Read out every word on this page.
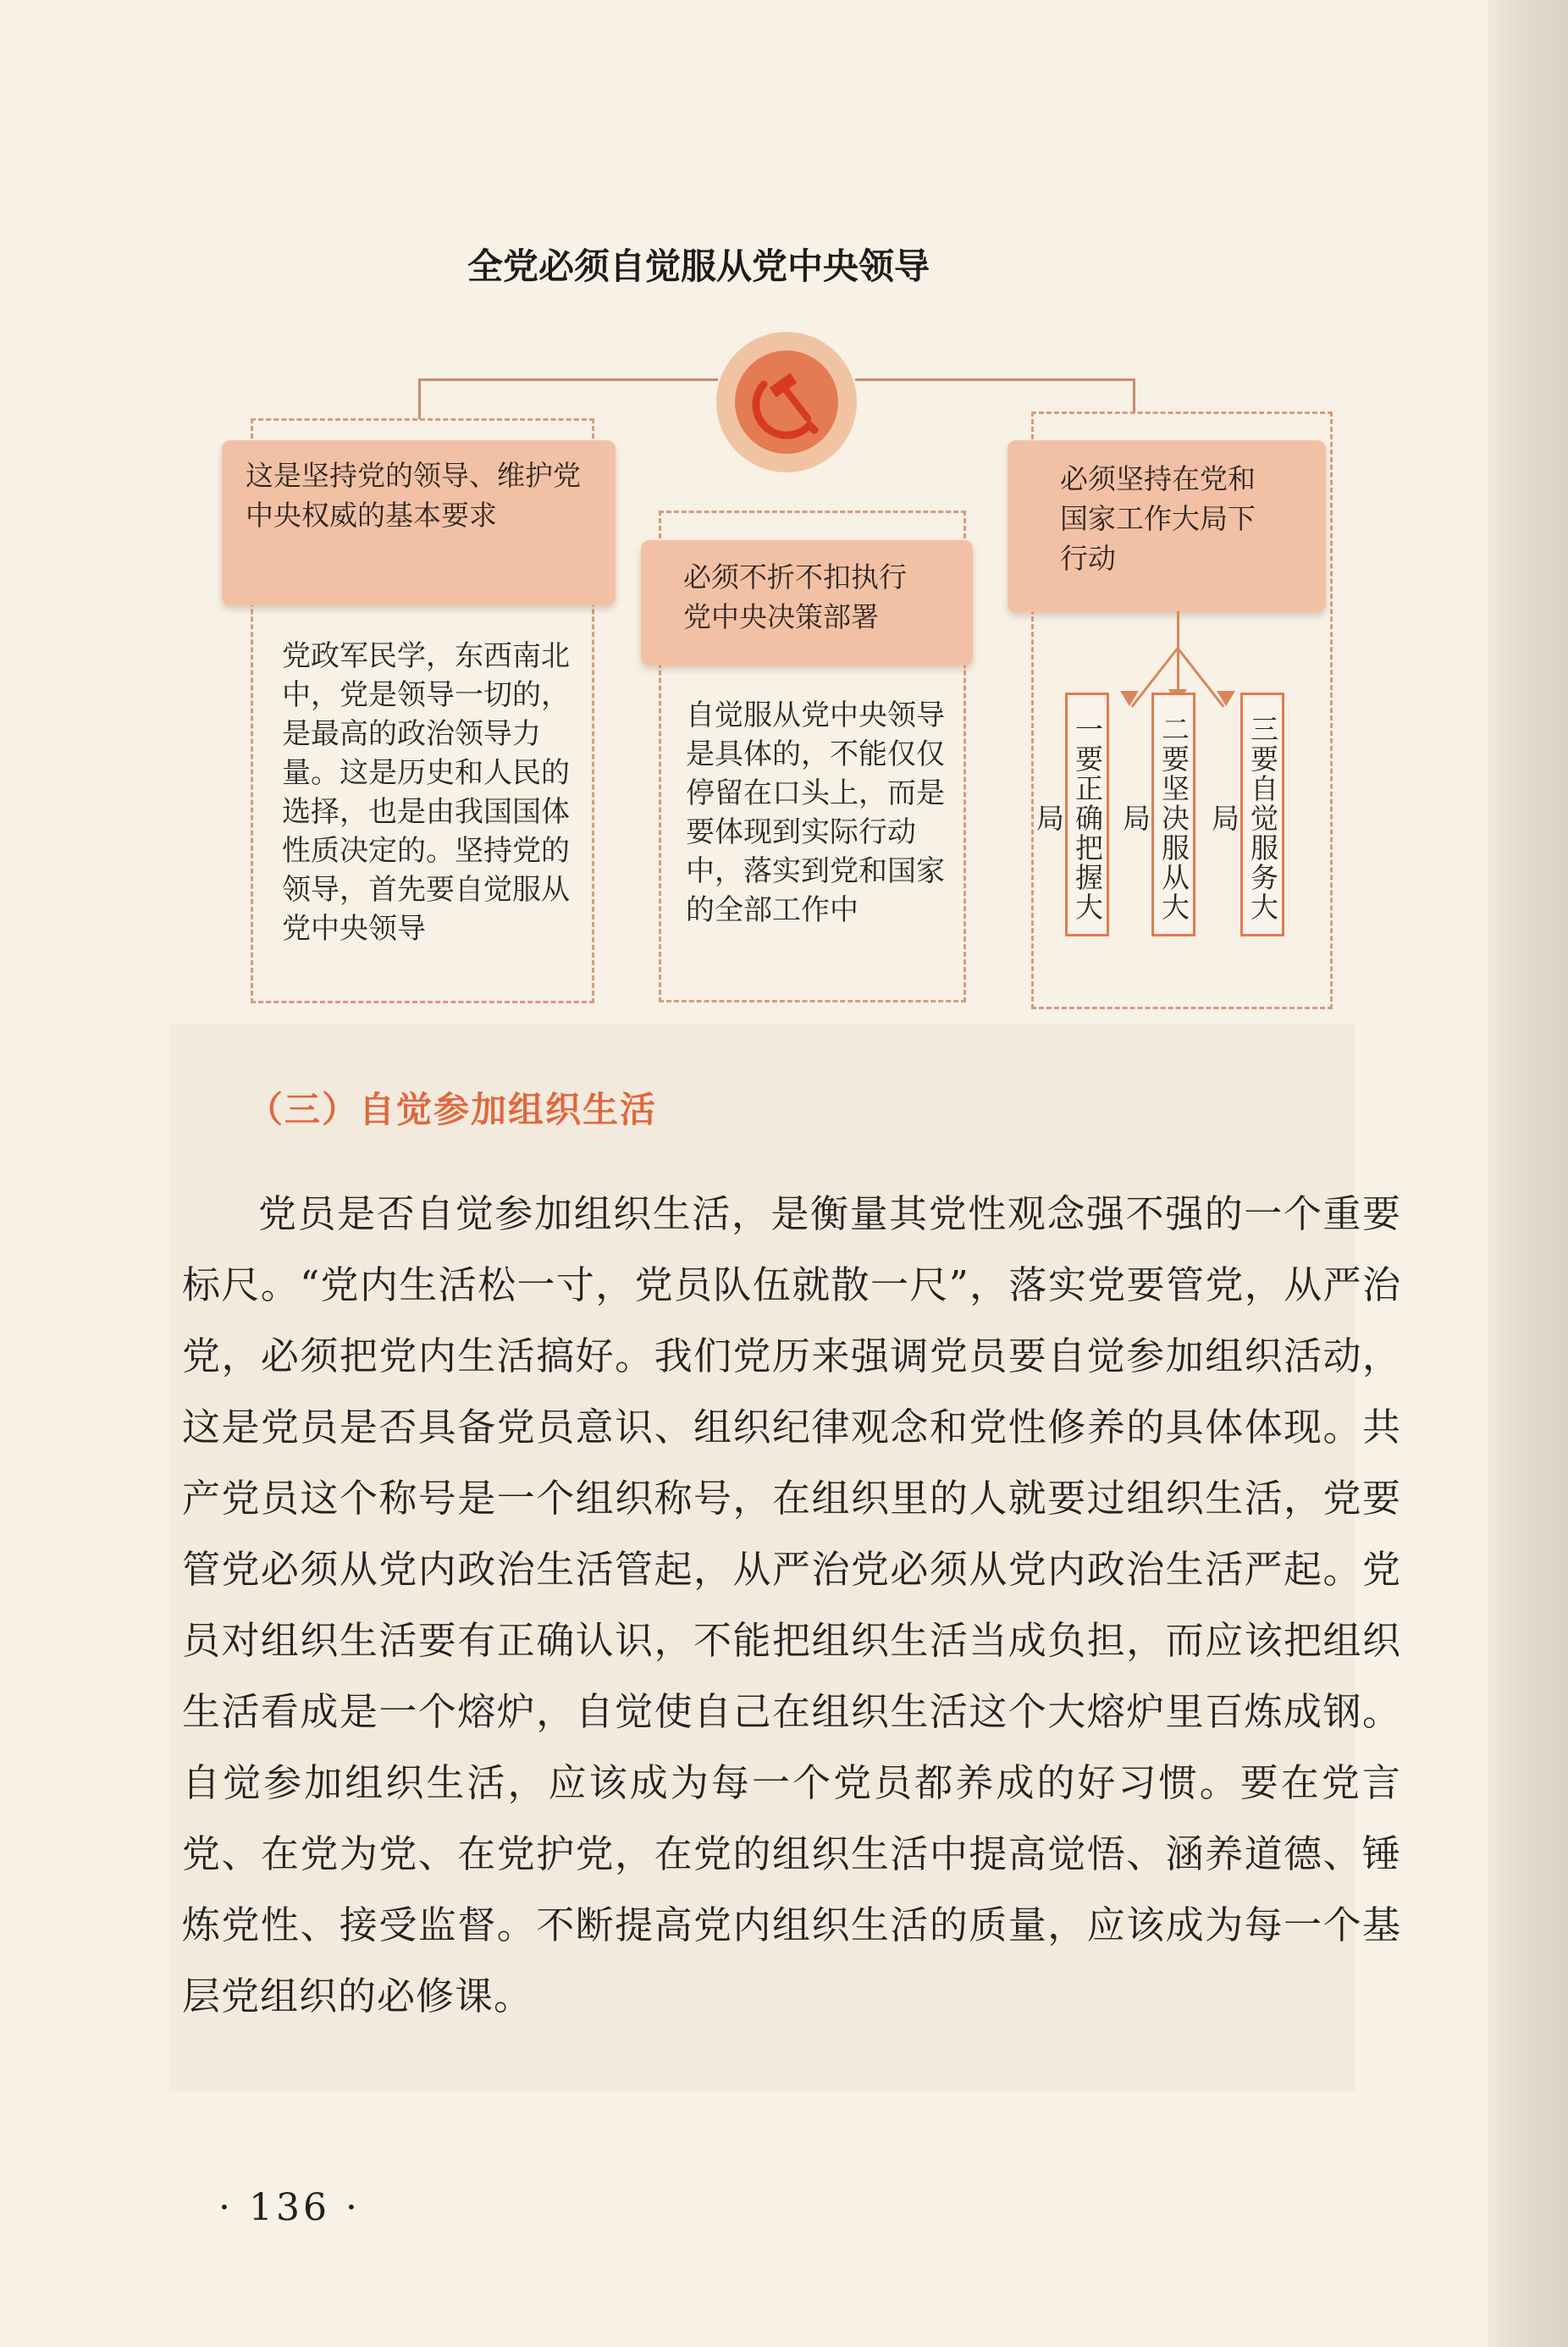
全党必须自觉服从党中央领导
这是坚持党的领导、维护党中央权威的基本要求
党政军民学，东西南北中，党是领导一切的，是最高的政治领导力量。这是历史和人民的选择，也是由我国国体性质决定的。坚持党的领导，首先要自觉服从党中央领导
必须不折不扣执行党中央决策部署
自觉服从党中央领导是具体的，不能仅仅停留在口头上，而是要体现到实际行动中，落实到党和国家的全部工作中
必须坚持在党和国家工作大局下行动
一要正确把握大局	二要坚决服从大局	三要自觉服务大局
（三）自觉参加组织生活

党员是否自觉参加组织生活，是衡量其党性观念强不强的一个重要标尺。“党内生活松一寸，党员队伍就散一尺”，落实党要管党，从严治党，必须把党内生活搞好。我们党历来强调党员要自觉参加组织活动，这是党员是否具备党员意识、组织纪律观念和党性修养的具体体现。共产党员这个称号是一个组织称号，在组织里的人就要过组织生活，党要管党必须从党内政治生活管起，从严治党必须从党内政治生活严起。党员对组织生活要有正确认识，不能把组织生活当成负担，而应该把组织生活看成是一个熔炉，自觉使自己在组织生活这个大熔炉里百炼成钢。自觉参加组织生活，应该成为每一个党员都养成的好习惯。要在党言党、在党为党、在党护党，在党的组织生活中提高觉悟、涵养道德、锤炼党性、接受监督。不断提高党内组织生活的质量，应该成为每一个基层党组织的必修课。

· 136 ·
